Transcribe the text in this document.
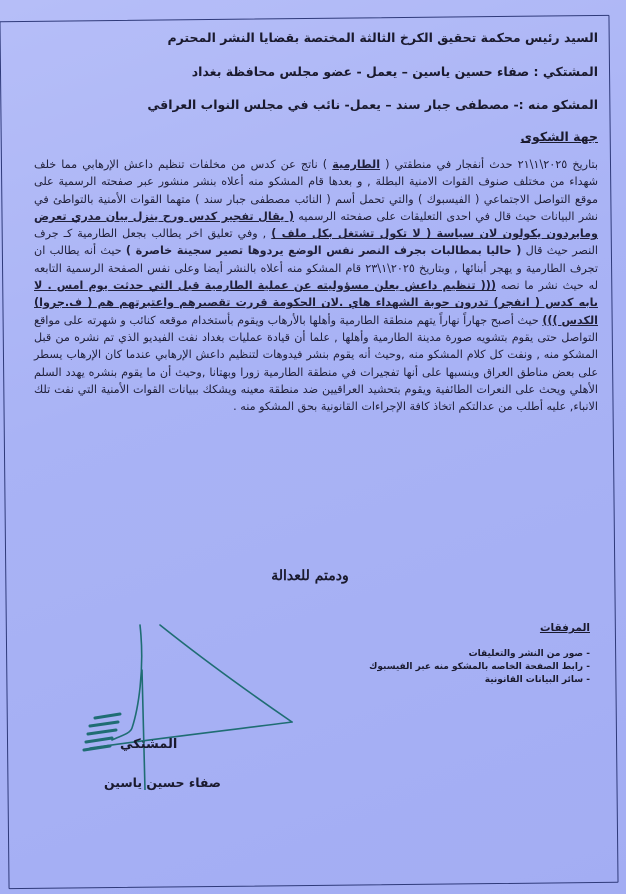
السيد رئيس محكمة تحقيق الكرخ الثالثة المختصة بقضايا النشر المحترم
المشتكي : صفاء حسين ياسين – يعمل - عضو مجلس محافظة بغداد
المشكو منه :- مصطفى جبار سند – يعمل- نائب في مجلس النواب العراقي
جهة الشكوى
بتاريخ ٢٠٢٥\١\٢١ حدث أنفجار في منطقتي ( الطارمية ) ناتج عن كدس من مخلفات تنظيم داعش الإرهابي مما خلف شهداء من مختلف صنوف القوات الامنية البطلة , و بعدها قام المشكو منه أعلاه بنشر منشور عبر صفحته الرسمية على موقع التواصل الاجتماعي ( الفيسبوك ) والتي تحمل أسم ( النائب مصطفى جبار سند ) متهما القوات الأمنية بالتواطئ في نشر البيانات حيث قال في احدى التعليقات على صفحته الرسميه ( يقال تفجير كدس ورح ينزل بيان مدري تعرض ومايردون يكولون لان سياسة ( لا تكول تشتغل بكل ملف ) , وفي تعليق اخر يطالب بجعل الطارمية كـ جرف النصر حيث قال ( حاليا بمطالبات بجرف النصر نفس الوضع يردوها تصير سجينة خاصرة ) حيث أنه يطالب ان تجرف الطارمية و يهجر أبنائها , وبتاريخ ٢٠٢٥\١\٢٣ قام المشكو منه أعلاه بالنشر أيضا وعلى نفس الصفحة الرسمية التابعه له حيث نشر ما نصه ((( تنظيم داعش يعلن مسؤوليته عن عملية الطارمية قبل التي حدثت يوم امس . لا يابه كدس ( انفجر) تدرون حوبة الشهداء هاي .لان الحكومة قررت تقصيرهم واعتبرتهم هم ( ف.جروا) الكدس ))) حيث أصبح جهاراً نهاراً يتهم منطقة الطارمية وأهلها بالأرهاب ويقوم بأستخدام موقعه كنائب و شهرته على مواقع التواصل حتى يقوم بتشويه صورة مدينة الطارمية وأهلها , علما أن قيادة عمليات بغداد نفت الفيديو الذي تم نشره من قبل المشكو منه , ونفت كل كلام المشكو منه ,وحيث أنه يقوم بنشر فيدوهات لتنظيم داعش الإرهابي عندما كان الإرهاب يسطر على بعض مناطق العراق وينسبها على أنها تفجيرات في منطقة الطارمية زورا وبهتانا ,وحيث أن ما يقوم بنشره يهدد السلم الأهلي ويحث على النعرات الطائفية ويقوم بتحشيد العراقيين ضد منطقة معينه ويشكك ببيانات القوات الأمنية التي نفت تلك الانباء, عليه أطلب من عدالتكم اتخاذ كافة الإجراءات القانونية بحق المشكو منه .
ودمتم للعدالة
المرفقات
- صور من النشر والتعليقات
- رابط الصفحة الخاصه بالمشكو منه عبر الفيسبوك
- سائر البيانات القانونية
المشتكي
صفاء حسين ياسين
